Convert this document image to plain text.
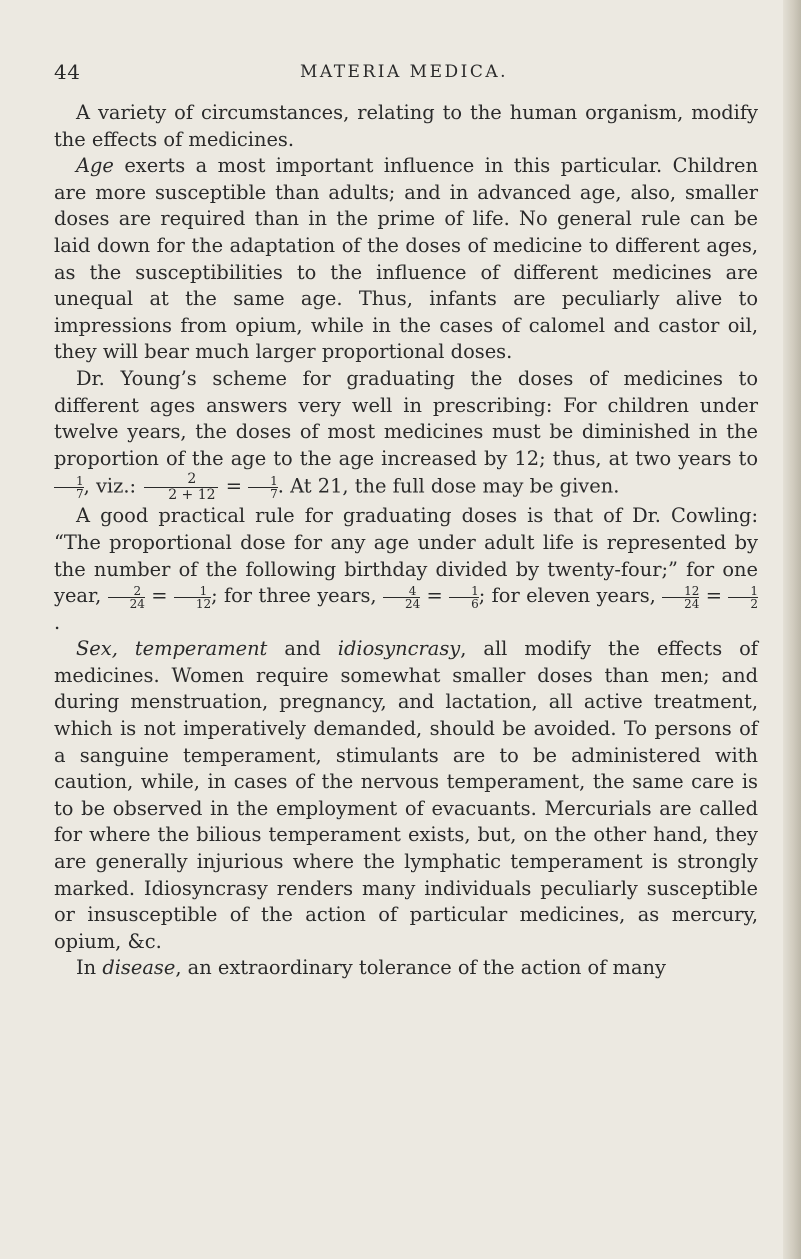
44	MATERIA MEDICA.

A variety of circumstances, relating to the human organism, modify the effects of medicines.

Age exerts a most important influence in this particular. Children are more susceptible than adults; and in advanced age, also, smaller doses are required than in the prime of life. No general rule can be laid down for the adaptation of the doses of medicine to different ages, as the susceptibilities to the influence of different medicines are unequal at the same age. Thus, infants are peculiarly alive to impressions from opium, while in the cases of calomel and castor oil, they will bear much larger proportional doses.

Dr. Young’s scheme for graduating the doses of medicines to different ages answers very well in prescribing: For children under twelve years, the doses of most medicines must be diminished in the proportion of the age to the age increased by 12; thus, at two years to
$\frac{1}{7}$ , viz.: $\frac{2}{2 + 12} = \frac{1}{7}$ . At 21, the full dose may be given.

A good practical rule for graduating doses is that of Dr. Cowling: “The proportional dose for any age under adult life is represented by the number of the following birthday divided by twenty-four;” for one year, $\frac{2}{24} = \frac{1}{12}$ ; for three years, $\frac{4}{24} = \frac{1}{6}$ ; for eleven years, $\frac{12}{24} = \frac{1}{2}$
.

Sex, temperament and idiosyncrasy, all modify the effects of medicines. Women require somewhat smaller doses than men; and during menstruation, pregnancy, and lactation, all active treatment, which is not imperatively demanded, should be avoided. To persons of a sanguine temperament, stimulants are to be administered with caution, while, in cases of the nervous temperament, the same care is to be observed in the employment of evacuants. Mercurials are called for where the bilious temperament exists, but, on the other hand, they are generally injurious where the lymphatic temperament is strongly marked. Idiosyncrasy renders many individuals peculiarly susceptible or insusceptible of the action of particular medicines, as mercury, opium, &c.

In disease, an extraordinary tolerance of the action of many
